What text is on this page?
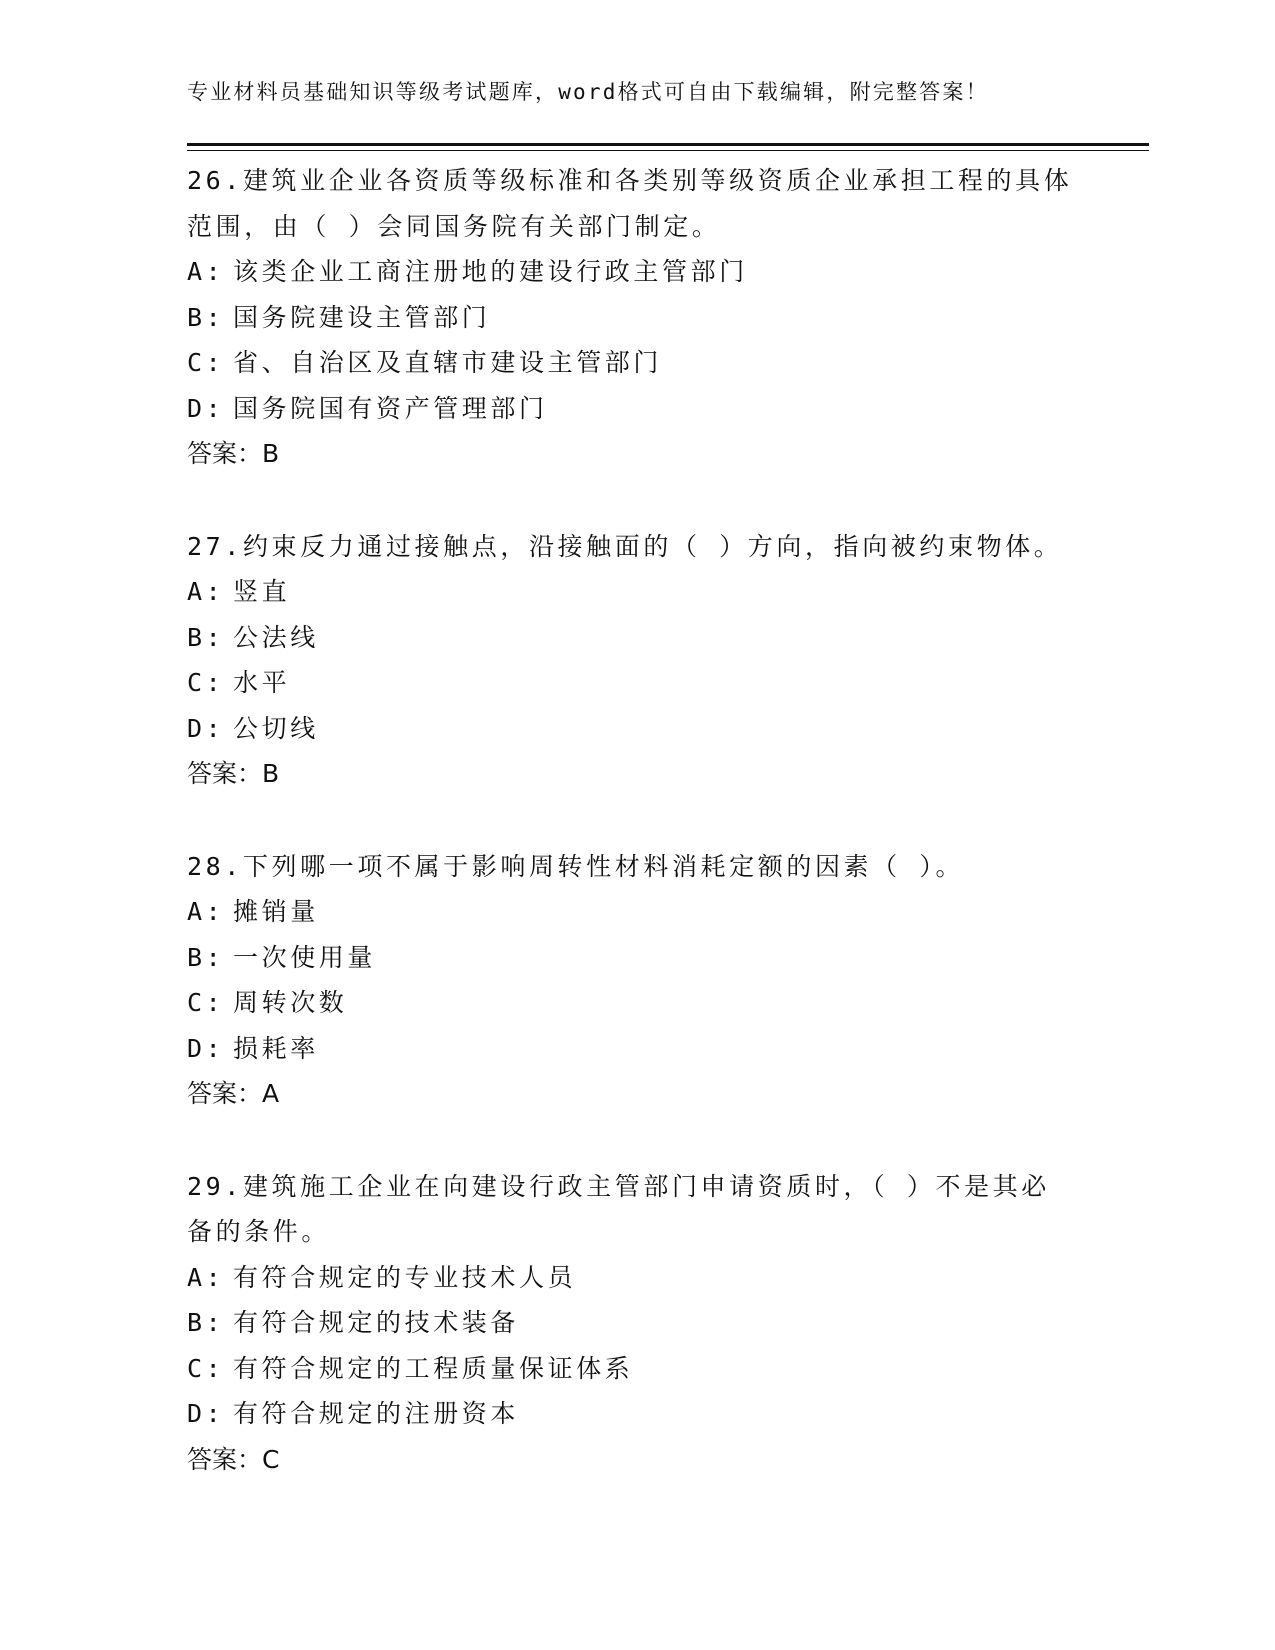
专业材料员基础知识等级考试题库，word格式可自由下载编辑，附完整答案！

26.建筑业企业各资质等级标准和各类别等级资质企业承担工程的具体范围，由（ ）会同国务院有关部门制定。

A: 该类企业工商注册地的建设行政主管部门

B: 国务院建设主管部门

C: 省、自治区及直辖市建设主管部门

D: 国务院国有资产管理部门

答案：B

27.约束反力通过接触点，沿接触面的（ ）方向，指向被约束物体。

A: 竖直

B: 公法线

C: 水平

D: 公切线

答案：B

28.下列哪一项不属于影响周转性材料消耗定额的因素（ ）。

A: 摊销量

B: 一次使用量

C: 周转次数

D: 损耗率

答案：A

29.建筑施工企业在向建设行政主管部门申请资质时，（ ）不是其必备的条件。

A: 有符合规定的专业技术人员

B: 有符合规定的技术装备

C: 有符合规定的工程质量保证体系

D: 有符合规定的注册资本

答案：C
